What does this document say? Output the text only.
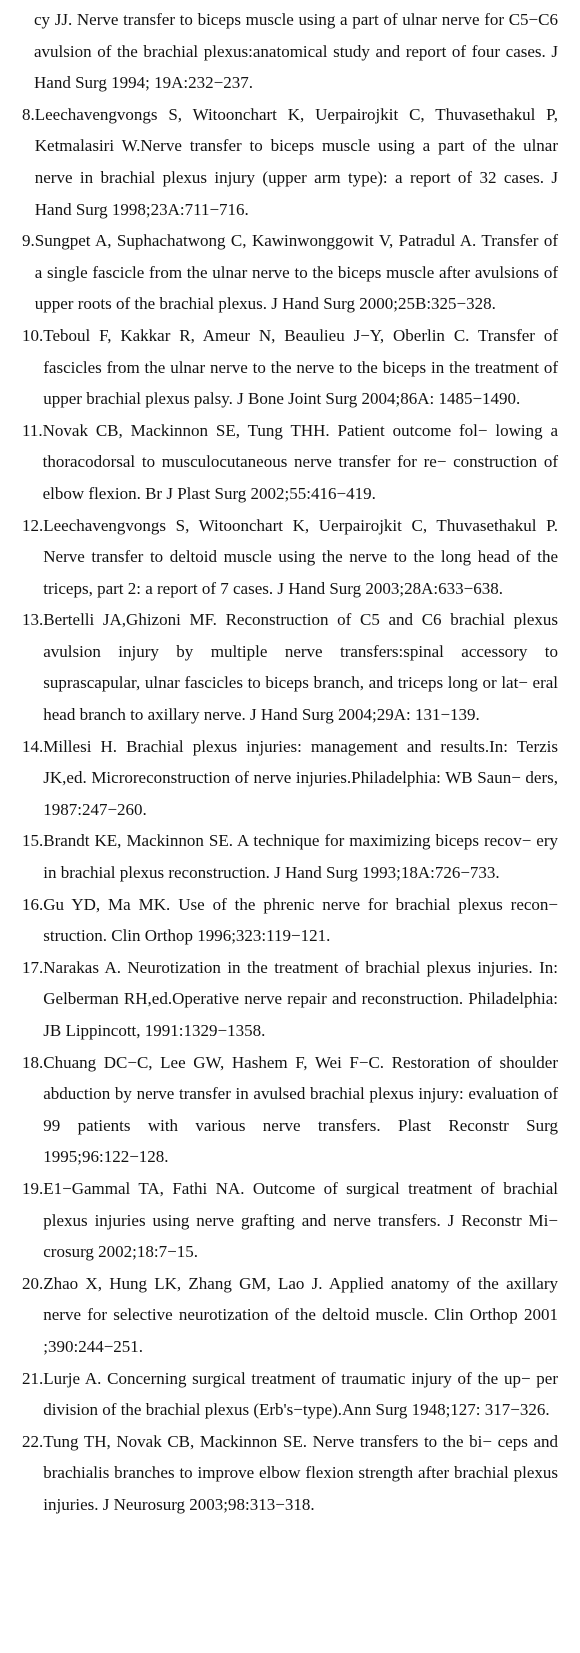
cy JJ. Nerve transfer to biceps muscle using a part of ulnar nerve for C5−C6 avulsion of the brachial plexus:anatomical study and report of four cases. J Hand Surg 1994; 19A:232−237.

8. Leechavengvongs S, Witoonchart K, Uerpairojkit C, Thuvasethakul P, Ketmalasiri W.Nerve transfer to biceps muscle using a part of the ulnar nerve in brachial plexus injury (upper arm type): a report of 32 cases. J Hand Surg 1998;23A:711−716.
9. Sungpet A, Suphachatwong C, Kawinwonggowit V, Patradul A. Transfer of a single fascicle from the ulnar nerve to the biceps muscle after avulsions of upper roots of the brachial plexus. J Hand Surg 2000;25B:325−328.
10. Teboul F, Kakkar R, Ameur N, Beaulieu J−Y, Oberlin C. Transfer of fascicles from the ulnar nerve to the nerve to the biceps in the treatment of upper brachial plexus palsy. J Bone Joint Surg 2004;86A: 1485−1490.
11. Novak CB, Mackinnon SE, Tung THH. Patient outcome fol− lowing a thoracodorsal to musculocutaneous nerve transfer for re− construction of elbow flexion. Br J Plast Surg 2002;55:416−419.
12. Leechavengvongs S, Witoonchart K, Uerpairojkit C, Thuvasethakul P. Nerve transfer to deltoid muscle using the nerve to the long head of the triceps, part 2: a report of 7 cases. J Hand Surg 2003;28A:633−638.
13. Bertelli JA,Ghizoni MF. Reconstruction of C5 and C6 brachial plexus avulsion injury by multiple nerve transfers:spinal accessory to suprascapular, ulnar fascicles to biceps branch, and triceps long or lat− eral head branch to axillary nerve. J Hand Surg 2004;29A: 131−139.
14. Millesi H. Brachial plexus injuries: management and results.In: Terzis JK,ed. Microreconstruction of nerve injuries.Philadelphia: WB Saun− ders, 1987:247−260.
15. Brandt KE, Mackinnon SE. A technique for maximizing biceps recov− ery in brachial plexus reconstruction. J Hand Surg 1993;18A:726−733.
16. Gu YD, Ma MK. Use of the phrenic nerve for brachial plexus recon− struction. Clin Orthop 1996;323:119−121.
17. Narakas A. Neurotization in the treatment of brachial plexus injuries. In: Gelberman RH,ed.Operative nerve repair and reconstruction. Philadelphia: JB Lippincott, 1991:1329−1358.
18. Chuang DC−C, Lee GW, Hashem F, Wei F−C. Restoration of shoulder abduction by nerve transfer in avulsed brachial plexus injury: evaluation of 99 patients with various nerve transfers. Plast Reconstr Surg 1995;96:122−128.
19. E1−Gammal TA, Fathi NA. Outcome of surgical treatment of brachial plexus injuries using nerve grafting and nerve transfers. J Reconstr Mi− crosurg 2002;18:7−15.
20. Zhao X, Hung LK, Zhang GM, Lao J. Applied anatomy of the axillary nerve for selective neurotization of the deltoid muscle. Clin Orthop 2001 ;390:244−251.
21. Lurje A. Concerning surgical treatment of traumatic injury of the up− per division of the brachial plexus (Erb's−type).Ann Surg 1948;127: 317−326.
22. Tung TH, Novak CB, Mackinnon SE. Nerve transfers to the bi− ceps and brachialis branches to improve elbow flexion strength after brachial plexus injuries. J Neurosurg 2003;98:313−318.
